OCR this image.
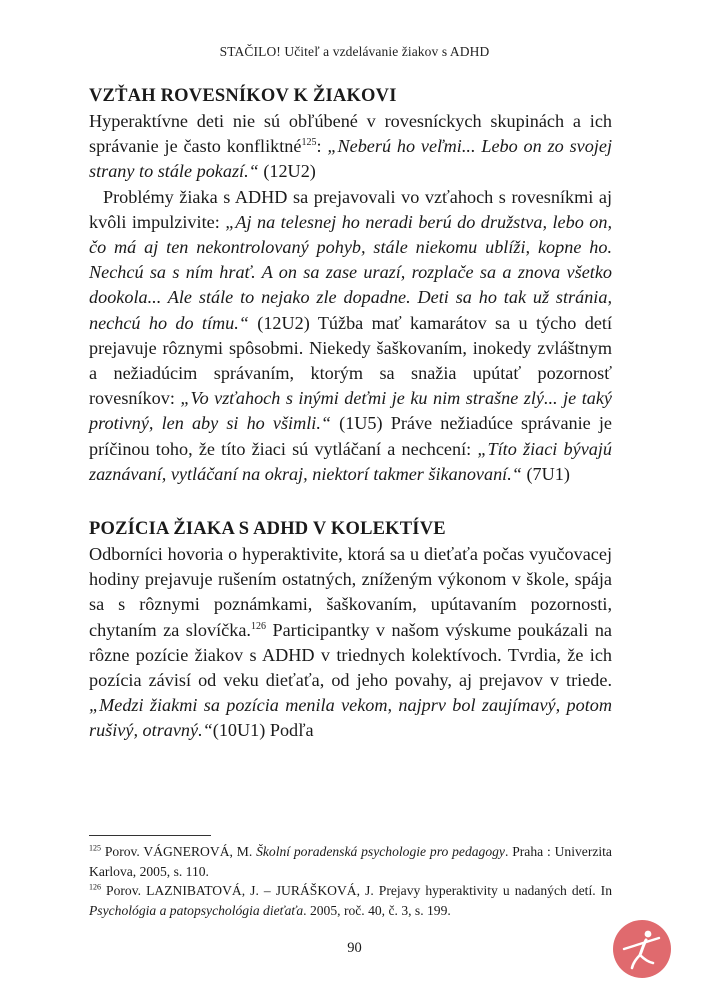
STAČILO! Učiteľ a vzdelávanie žiakov s ADHD
VZŤAH ROVESNÍKOV K ŽIAKOVI

Hyperaktívne deti nie sú obľúbené v rovesníckych skupinách a ich správanie je často konfliktné$^{125}$: „Neberú ho veľmi... Lebo on zo svojej strany to stále pokazí.“ (12U2)

Problémy žiaka s ADHD sa prejavovali vo vzťahoch s rovesníkmi aj kvôli impulzivite: „Aj na telesnej ho neradi berú do družstva, lebo on, čo má aj ten nekontrolovaný pohyb, stále niekomu ublíži, kopne ho. Nechcú sa s ním hrať. A on sa zase urazí, rozplače sa a znova všetko dookola... Ale stále to nejako zle dopadne. Deti sa ho tak už stránia, nechcú ho do tímu.“ (12U2) Túžba mať kamarátov sa u týcho detí prejavuje rôznymi spôsobmi. Niekedy šaškovaním, inokedy zvláštnym a nežiadúcim správaním, ktorým sa snažia upútať pozornosť rovesníkov: „Vo vzťahoch s inými deťmi je ku nim strašne zlý... je taký protivný, len aby si ho všimli.“ (1U5) Práve nežiadúce správanie je príčinou toho, že títo žiaci sú vytláčaní a nechcení: „Títo žiaci bývajú zaznávaní, vytláčaní na okraj, niektorí takmer šikanovaní.“ (7U1)

POZÍCIA ŽIAKA S ADHD V KOLEKTÍVE

Odborníci hovoria o hyperaktivite, ktorá sa u dieťaťa počas vyučovacej hodiny prejavuje rušením ostatných, zníženým výkonom v škole, spája sa s rôznymi poznámkami, šaškovaním, upútavaním pozornosti, chytaním za slovíčka.$^{126}$ Participantky v našom výskume poukázali na rôzne pozície žiakov s ADHD v triednych kolektívoch. Tvrdia, že ich pozícia závisí od veku dieťaťa, od jeho povahy, aj prejavov v triede. „Medzi žiakmi sa pozícia menila vekom, najprv bol zaujímavý, potom rušivý, otravný.“(10U1) Podľa

$^{125}$ Porov. VÁGNEROVÁ, M. Školní poradenská psychologie pro pedagogy. Praha : Univerzita Karlova, 2005, s. 110.

$^{126}$ Porov. LAZNIBATOVÁ, J. – JURÁŠKOVÁ, J. Prejavy hyperaktivity u nadaných detí. In Psychológia a patopsychológia dieťaťa. 2005, roč. 40, č. 3, s. 199.

90
